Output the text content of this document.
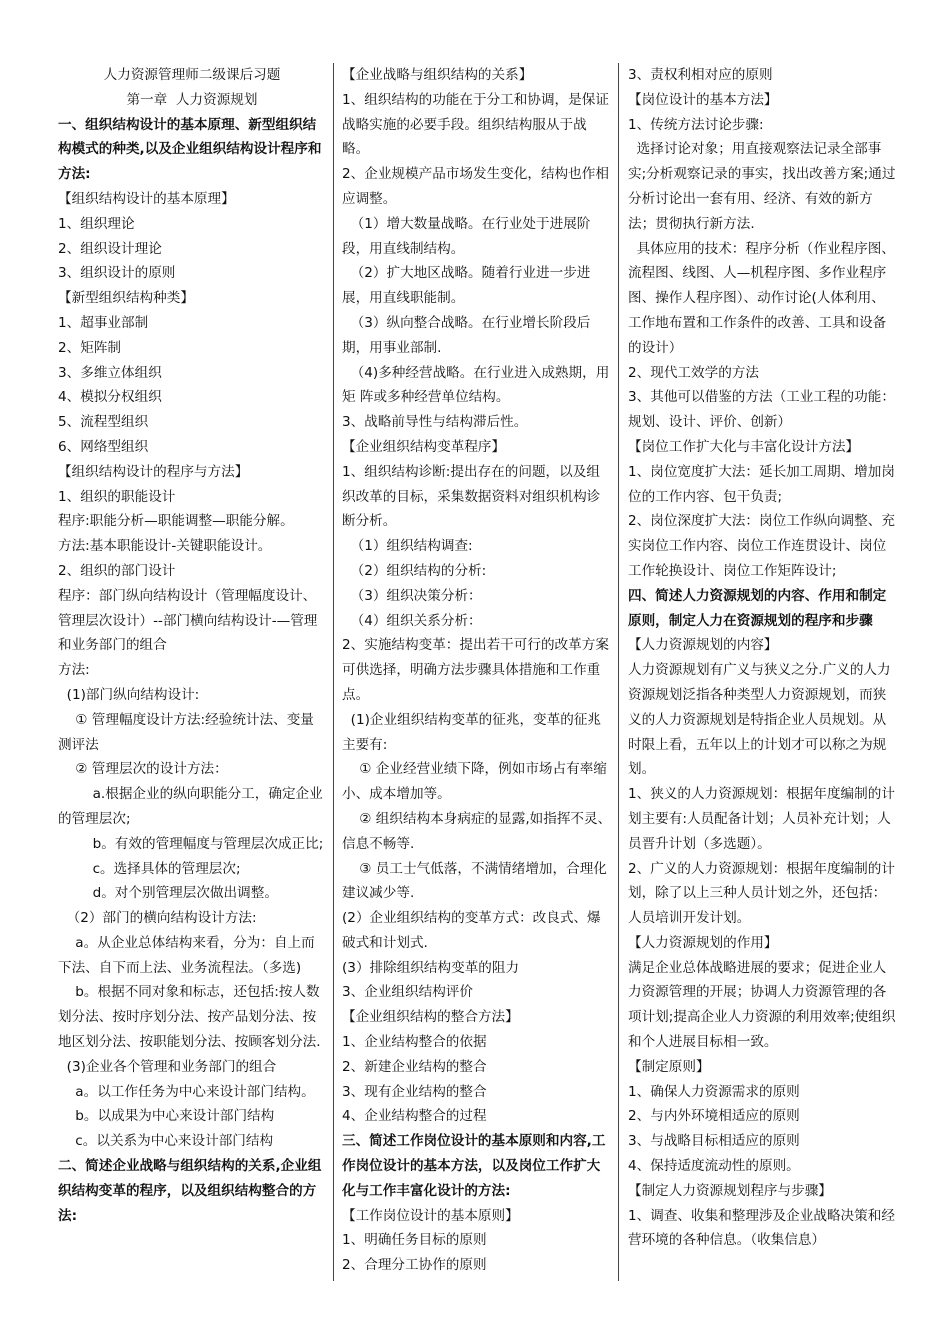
人力资源管理师二级课后习题
第一章  人力资源规划
一、组织结构设计的基本原理、新型组织结构模式的种类,以及企业组织结构设计程序和方法:
【组织结构设计的基本原理】
1、组织理论
2、组织设计理论
3、组织设计的原则
【新型组织结构种类】
1、超事业部制
2、矩阵制
3、多维立体组织
4、模拟分权组织
5、流程型组织
6、网络型组织
【组织结构设计的程序与方法】
1、组织的职能设计
程序:职能分析—职能调整—职能分解。
方法:基本职能设计-关键职能设计。
2、组织的部门设计
程序：部门纵向结构设计（管理幅度设计、管理层次设计）--部门横向结构设计-—管理和业务部门的组合
方法:
(1)部门纵向结构设计:
① 管理幅度设计方法:经验统计法、变量测评法
② 管理层次的设计方法：
a.根据企业的纵向职能分工，确定企业的管理层次;
b。有效的管理幅度与管理层次成正比;
c。选择具体的管理层次;
d。对个别管理层次做出调整。
（2）部门的横向结构设计方法:
a。从企业总体结构来看，分为：自上而下法、自下而上法、业务流程法。（多选)
b。根据不同对象和标志，还包括:按人数划分法、按时序划分法、按产品划分法、按地区划分法、按职能划分法、按顾客划分法.
(3)企业各个管理和业务部门的组合
a。以工作任务为中心来设计部门结构。
b。以成果为中心来设计部门结构
c。以关系为中心来设计部门结构
二、简述企业战略与组织结构的关系,企业组织结构变革的程序，以及组织结构整合的方法:
【企业战略与组织结构的关系】
1、组织结构的功能在于分工和协调，是保证战略实施的必要手段。组织结构服从于战略。
2、企业规模产品市场发生变化，结构也作相应调整。
（1）增大数量战略。在行业处于进展阶段，用直线制结构。
（2）扩大地区战略。随着行业进一步进展，用直线职能制。
（3）纵向整合战略。在行业增长阶段后期，用事业部制.
（4)多种经营战略。在行业进入成熟期，用矩 阵或多种经营单位结构。
3、战略前导性与结构滞后性。
【企业组织结构变革程序】
1、组织结构诊断:提出存在的问题，以及组织改革的目标，采集数据资料对组织机构诊断分析。
（1）组织结构调查:
（2）组织结构的分析:
（3）组织决策分析：
（4）组织关系分析：
2、实施结构变革：提出若干可行的改革方案可供选择，明确方法步骤具体措施和工作重点。
(1)企业组织结构变革的征兆，变革的征兆主要有:
① 企业经营业绩下降，例如市场占有率缩小、成本增加等。
② 组织结构本身病症的显露,如指挥不灵、信息不畅等.
③ 员工士气低落，不满情绪增加，合理化建议减少等.
(2）企业组织结构的变革方式：改良式、爆破式和计划式.
(3）排除组织结构变革的阻力
3、企业组织结构评价
【企业组织结构的整合方法】
1、企业结构整合的依据
2、新建企业结构的整合
3、现有企业结构的整合
4、企业结构整合的过程
三、简述工作岗位设计的基本原则和内容,工作岗位设计的基本方法，以及岗位工作扩大化与工作丰富化设计的方法:
【工作岗位设计的基本原则】
1、明确任务目标的原则
2、合理分工协作的原则
3、责权利相对应的原则
【岗位设计的基本方法】
1、传统方法讨论步骤:
选择讨论对象；用直接观察法记录全部事实;分析观察记录的事实，找出改善方案;通过分析讨论出一套有用、经济、有效的新方法；贯彻执行新方法.
具体应用的技术：程序分析（作业程序图、流程图、线图、人—机程序图、多作业程序图、操作人程序图）、动作讨论(人体利用、工作地布置和工作条件的改善、工具和设备的设计）
2、现代工效学的方法
3、其他可以借鉴的方法（工业工程的功能：规划、设计、评价、创新）
【岗位工作扩大化与丰富化设计方法】
1、岗位宽度扩大法：延长加工周期、增加岗位的工作内容、包干负责;
2、岗位深度扩大法：岗位工作纵向调整、充实岗位工作内容、岗位工作连贯设计、岗位工作轮换设计、岗位工作矩阵设计;
四、简述人力资源规划的内容、作用和制定原则，制定人力在资源规划的程序和步骤
【人力资源规划的内容】
人力资源规划有广义与狭义之分.广义的人力资源规划泛指各种类型人力资源规划，而狭义的人力资源规划是特指企业人员规划。从时限上看，五年以上的计划才可以称之为规划。
1、狭义的人力资源规划：根据年度编制的计划主要有:人员配备计划；人员补充计划；人员晋升计划（多选题）。
2、广义的人力资源规划：根据年度编制的计划，除了以上三种人员计划之外，还包括：人员培训开发计划。
【人力资源规划的作用】
满足企业总体战略进展的要求；促进企业人力资源管理的开展；协调人力资源管理的各项计划;提高企业人力资源的利用效率;使组织和个人进展目标相一致。
【制定原则】
1、确保人力资源需求的原则
2、与内外环境相适应的原则
3、与战略目标相适应的原则
4、保持适度流动性的原则。
【制定人力资源规划程序与步骤】
1、调查、收集和整理涉及企业战略决策和经营环境的各种信息。（收集信息）
